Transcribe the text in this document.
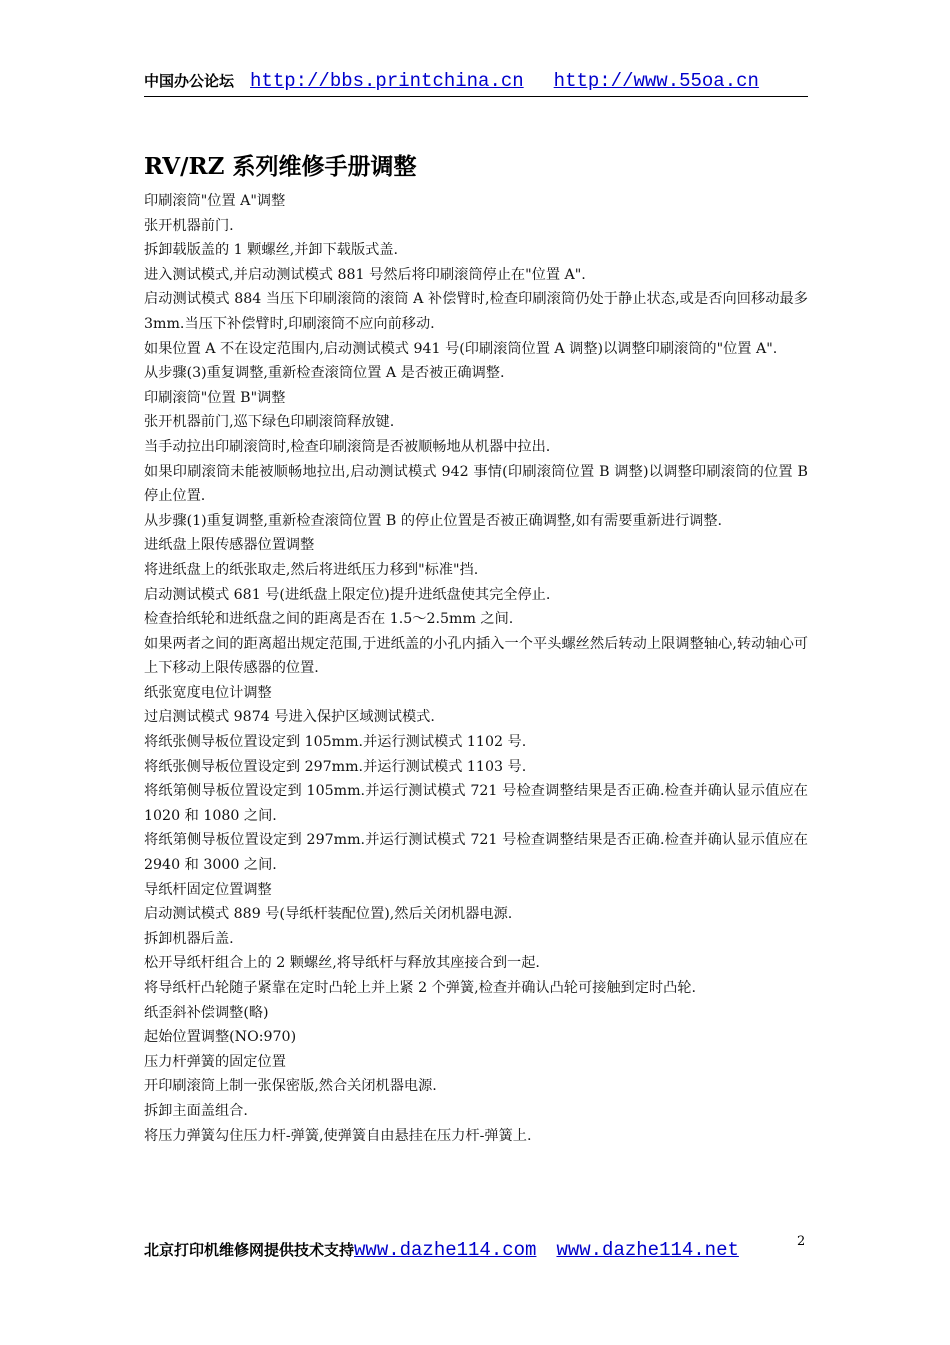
中国办公论坛 http://bbs.printchina.cn http://www.55oa.cn
RV/RZ 系列维修手册调整

印刷滚筒"位置 A"调整

张开机器前门.

拆卸载版盖的 1 颗螺丝,并卸下载版式盖.

进入测试模式,并启动测试模式 881 号然后将印刷滚筒停止在"位置 A".

启动测试模式 884 当压下印刷滚筒的滚筒 A 补偿臂时,检查印刷滚筒仍处于静止状态,或是否向回移动最多 3mm.当压下补偿臂时,印刷滚筒不应向前移动.

如果位置 A 不在设定范围内,启动测试模式 941 号(印刷滚筒位置 A 调整)以调整印刷滚筒的"位置 A".

从步骤(3)重复调整,重新检查滚筒位置 A 是否被正确调整.

印刷滚筒"位置 B"调整

张开机器前门,巡下绿色印刷滚筒释放键.

当手动拉出印刷滚筒时,检查印刷滚筒是否被顺畅地从机器中拉出.

如果印刷滚筒未能被顺畅地拉出,启动测试模式 942 事情(印刷滚筒位置 B 调整)以调整印刷滚筒的位置 B 停止位置.

从步骤(1)重复调整,重新检查滚筒位置 B 的停止位置是否被正确调整,如有需要重新进行调整.

进纸盘上限传感器位置调整

将进纸盘上的纸张取走,然后将进纸压力移到"标准"挡.

启动测试模式 681 号(进纸盘上限定位)提升进纸盘使其完全停止.

检查拾纸轮和进纸盘之间的距离是否在 1.5～2.5mm 之间.

如果两者之间的距离超出规定范围,于进纸盖的小孔内插入一个平头螺丝然后转动上限调整轴心,转动轴心可上下移动上限传感器的位置.

纸张宽度电位计调整

过启测试模式 9874 号进入保护区域测试模式.

将纸张侧导板位置设定到 105mm.并运行测试模式 1102 号.

将纸张侧导板位置设定到 297mm.并运行测试模式 1103 号.

将纸第侧导板位置设定到 105mm.并运行测试模式 721 号检查调整结果是否正确.检查并确认显示值应在 1020 和 1080 之间.

将纸第侧导板位置设定到 297mm.并运行测试模式 721 号检查调整结果是否正确.检查并确认显示值应在 2940 和 3000 之间.

导纸杆固定位置调整

启动测试模式 889 号(导纸杆装配位置),然后关闭机器电源.

拆卸机器后盖.

松开导纸杆组合上的 2 颗螺丝,将导纸杆与释放其座接合到一起.

将导纸杆凸轮随子紧靠在定时凸轮上并上紧 2 个弹簧,检查并确认凸轮可接触到定时凸轮.

纸歪斜补偿调整(略)

起始位置调整(NO:970)

压力杆弹簧的固定位置

开印刷滚筒上制一张保密版,然合关闭机器电源.

拆卸主面盖组合.

将压力弹簧勾住压力杆-弹簧,使弹簧自由悬挂在压力杆-弹簧上.

北京打印机维修网提供技术支持www.dazhe114.com www.dazhe114.net	2
